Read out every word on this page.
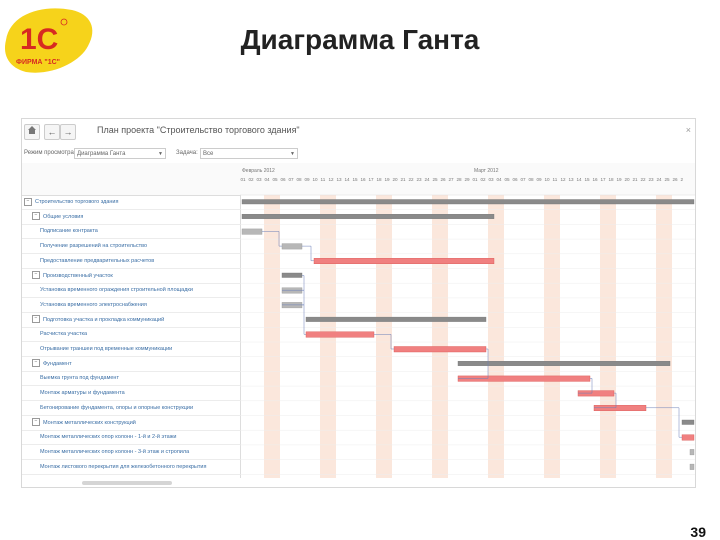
1С
ФИРМА "1С"
Диаграмма Ганта
← →	План проекта "Строительство торгового здания"	×
Режим просмотра: Диаграмма Ганта	▼ Задача: Все	▼
− Строительство торгового здания
− Общие условия
Подписание контракта
Получение разрешений на строительство
Предоставление предварительных расчетов
− Производственный участок
Установка временного ограждения строительной площадки
Установка временного электроснабжения
− Подготовка участка и прокладка коммуникаций
Расчистка участка
Отрывание траншеи под временные коммуникации
− Фундамент
Выемка грунта под фундамент
Монтаж арматуры и фундамента
Бетонирование фундамента, опоры и опорные конструкции
− Монтаж металлических конструкций
Монтаж металлических опор колонн - 1-й и 2-й этажи
Монтаж металлических опор колонн - 3-й этаж и стропила
Монтаж листового перекрытия для железобетонного перекрытия
Февраль 2012	Март 2012
01 02 03 04 05 06 07 08 09 10 11 12 13 14 15 16 17 18 19 20 21 22 23 24 25 26 27 28 29 01 02 03 04 05 06 07 08 09 10 11 12 13 14 15 16 17 18 19 20 21 22 23 24 25 26 2
39
